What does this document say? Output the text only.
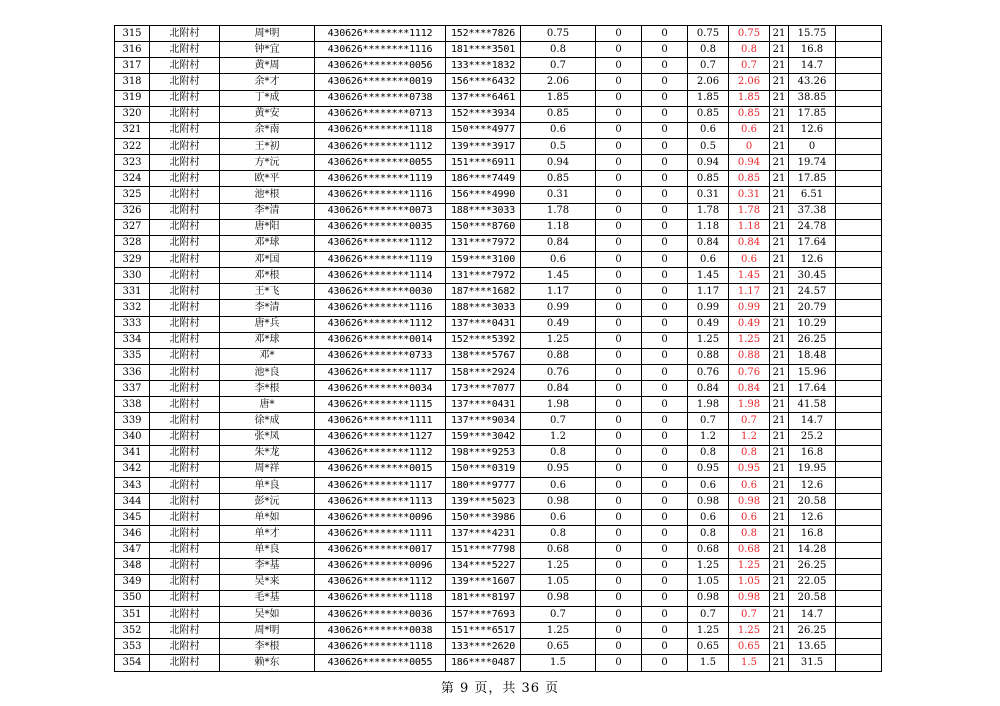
315	北附村	周*明	430626********1112	152****7826	0.75	0	0	0.75	0.75	21	15.75	
316	北附村	钟*宜	430626********1116	181****3501	0.8	0	0	0.8	0.8	21	16.8	
317	北附村	黄*周	430626********0056	133****1832	0.7	0	0	0.7	0.7	21	14.7	
318	北附村	余*才	430626********0019	156****6432	2.06	0	0	2.06	2.06	21	43.26	
319	北附村	丁*成	430626********0738	137****6461	1.85	0	0	1.85	1.85	21	38.85	
320	北附村	黄*安	430626********0713	152****3934	0.85	0	0	0.85	0.85	21	17.85	
321	北附村	余*南	430626********1118	150****4977	0.6	0	0	0.6	0.6	21	12.6	
322	北附村	王*初	430626********1112	139****3917	0.5	0	0	0.5	0	21	0	
323	北附村	方*沅	430626********0055	151****6911	0.94	0	0	0.94	0.94	21	19.74	
324	北附村	欧*平	430626********1119	186****7449	0.85	0	0	0.85	0.85	21	17.85	
325	北附村	池*根	430626********1116	156****4990	0.31	0	0	0.31	0.31	21	6.51	
326	北附村	李*清	430626********0073	188****3033	1.78	0	0	1.78	1.78	21	37.38	
327	北附村	唐*阳	430626********0035	150****8760	1.18	0	0	1.18	1.18	21	24.78	
328	北附村	邓*球	430626********1112	131****7972	0.84	0	0	0.84	0.84	21	17.64	
329	北附村	邓*国	430626********1119	159****3100	0.6	0	0	0.6	0.6	21	12.6	
330	北附村	邓*根	430626********1114	131****7972	1.45	0	0	1.45	1.45	21	30.45	
331	北附村	王*飞	430626********0030	187****1682	1.17	0	0	1.17	1.17	21	24.57	
332	北附村	李*清	430626********1116	188****3033	0.99	0	0	0.99	0.99	21	20.79	
333	北附村	唐*兵	430626********1112	137****0431	0.49	0	0	0.49	0.49	21	10.29	
334	北附村	邓*球	430626********0014	152****5392	1.25	0	0	1.25	1.25	21	26.25	
335	北附村	邓*	430626********0733	138****5767	0.88	0	0	0.88	0.88	21	18.48	
336	北附村	池*良	430626********1117	158****2924	0.76	0	0	0.76	0.76	21	15.96	
337	北附村	李*根	430626********0034	173****7077	0.84	0	0	0.84	0.84	21	17.64	
338	北附村	唐*	430626********1115	137****0431	1.98	0	0	1.98	1.98	21	41.58	
339	北附村	徐*成	430626********1111	137****9034	0.7	0	0	0.7	0.7	21	14.7	
340	北附村	张*凤	430626********1127	159****3042	1.2	0	0	1.2	1.2	21	25.2	
341	北附村	朱*龙	430626********1112	198****9253	0.8	0	0	0.8	0.8	21	16.8	
342	北附村	周*祥	430626********0015	150****0319	0.95	0	0	0.95	0.95	21	19.95	
343	北附村	单*良	430626********1117	180****9777	0.6	0	0	0.6	0.6	21	12.6	
344	北附村	彭*沅	430626********1113	139****5023	0.98	0	0	0.98	0.98	21	20.58	
345	北附村	单*如	430626********0096	150****3986	0.6	0	0	0.6	0.6	21	12.6	
346	北附村	单*才	430626********1111	137****4231	0.8	0	0	0.8	0.8	21	16.8	
347	北附村	单*良	430626********0017	151****7798	0.68	0	0	0.68	0.68	21	14.28	
348	北附村	李*基	430626********0096	134****5227	1.25	0	0	1.25	1.25	21	26.25	
349	北附村	吴*来	430626********1112	139****1607	1.05	0	0	1.05	1.05	21	22.05	
350	北附村	毛*基	430626********1118	181****8197	0.98	0	0	0.98	0.98	21	20.58	
351	北附村	吴*如	430626********0036	157****7693	0.7	0	0	0.7	0.7	21	14.7	
352	北附村	周*明	430626********0038	151****6517	1.25	0	0	1.25	1.25	21	26.25	
353	北附村	李*根	430626********1118	133****2620	0.65	0	0	0.65	0.65	21	13.65	
354	北附村	赖*东	430626********0055	186****0487	1.5	0	0	1.5	1.5	21	31.5	
第 9 页，共 36 页
